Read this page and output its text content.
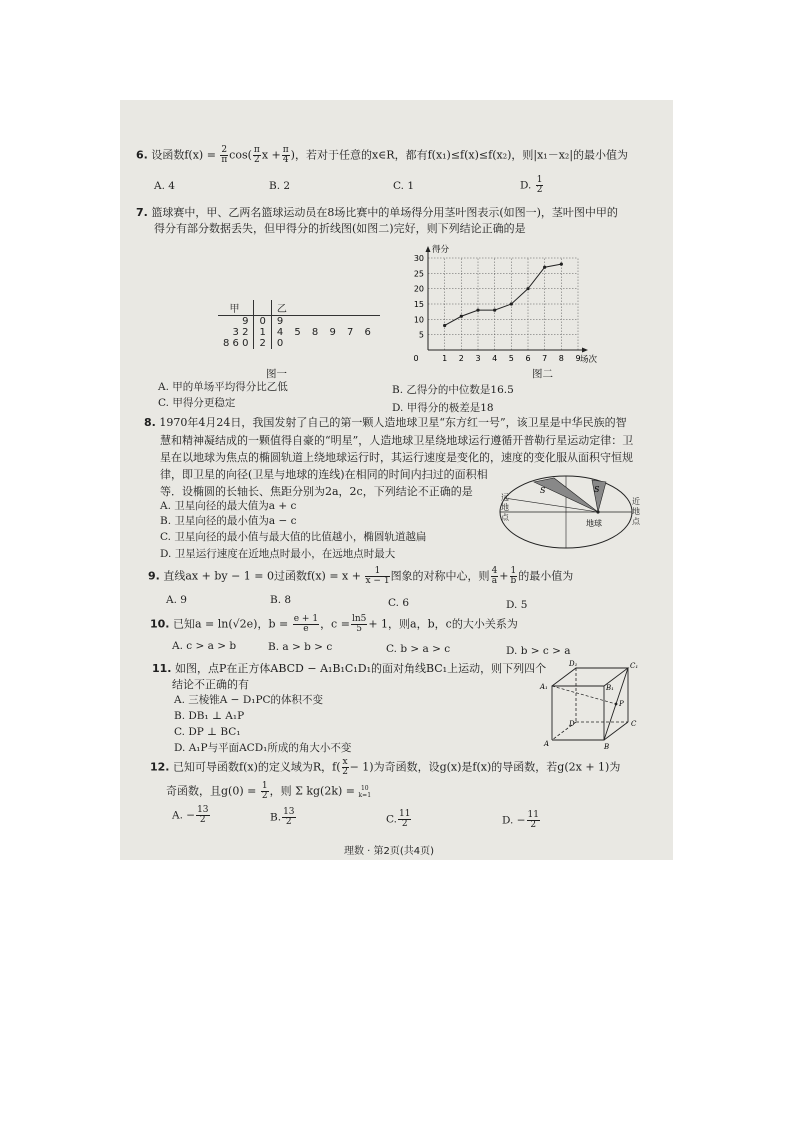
6. 设函数$f(x) = \frac{2}{\pi} \cos( \frac{\pi}{2}$ $x + \frac{\pi}{4}$ )，若对于任意的x∈R，都有f(x₁)≤f(x)≤f(x₂)，则|x₁－x₂|的最小值为
A. 4	B. 2	C. 1	D. $\frac{1}{2}$
7. 篮球赛中，甲、乙两名篮球运动员在8场比赛中的单场得分用茎叶图表示(如图一)，茎叶图中甲的
得分有部分数据丢失，但甲得分的折线图(如图二)完好，则下列结论正确的是
甲		乙
9	0	9
3 2	1	4 5 8 9 7 6
8 6 0	2	0
图一
0	1 2 3 4 5 6 7 8 9
5
10
15
20
25
30
得分
场次
图二
A. 甲的单场平均得分比乙低	B. 乙得分的中位数是16.5
C. 甲得分更稳定	D. 甲得分的极差是18
8. 1970年4月24日，我国发射了自己的第一颗人造地球卫星“东方红一号”，该卫星是中华民族的智
慧和精神凝结成的一颗值得自豪的“明星”，人造地球卫星绕地球运行遵循开普勒行星运动定律：卫
星在以地球为焦点的椭圆轨道上绕地球运行时，其运行速度是变化的，速度的变化服从面积守恒规
律，即卫星的向径(卫星与地球的连线)在相同的时间内扫过的面积相
等．设椭圆的长轴长、焦距分别为2a，2c，下列结论不正确的是
A. 卫星向径的最大值为a + c
B. 卫星向径的最小值为a − c
C. 卫星向径的最小值与最大值的比值越小，椭圆轨道越扁
D. 卫星运行速度在近地点时最小，在远地点时最大
S	S
地球
远地点
近地点
9. 直线ax + by − 1 = 0过函数$f(x) = x + \frac{1}{x - 1}$ 图象的对称中心，则 $\frac{4}{a} + \frac{1}{b}$ 的最小值为
A. 9	B. 8	C. 6	D. 5
10. 已知a = ln(√2e)，$b = \frac{e + 1}{e}$ ，$c = \frac{\ln 5}{5} + 1$，则a，b，c的大小关系为
A. c > a > b	B. a > b > c	C. b > a > c	D. b > c > a
11. 如图，点P在正方体ABCD − A₁B₁C₁D₁的面对角线BC₁上运动，则下列四个
结论不正确的有
A. 三棱锥A − D₁PC的体积不变
B. DB₁ ⊥ A₁P
C. DP ⊥ BC₁
D. A₁P与平面ACD₁所成的角大小不变
D₁	C₁
A₁	B₁
D	C
A	B
P
12. 已知可导函数f(x)的定义域为R，$f( \frac{x}{2} - 1)$为奇函数，设g(x)是f(x)的导函数，若g(2x + 1)为
奇函数，且$g(0) = \frac{1}{2}$ ，则 Σ kg(2k) = 10
k=1
A. − $\frac{13}{2}$	B. $\frac{13}{2}$	C. $\frac{11}{2}$	D. − $\frac{11}{2}$
理数 · 第2页(共4页)
